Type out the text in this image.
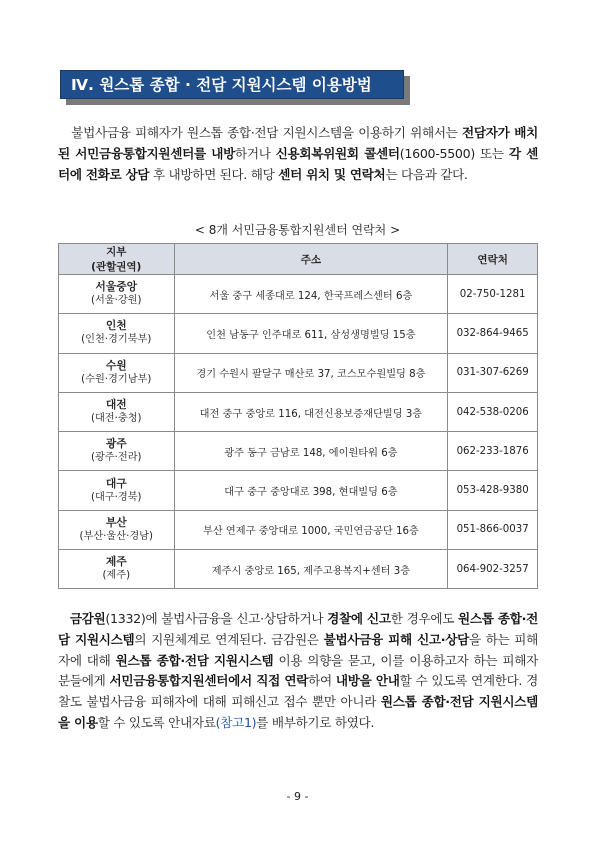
Ⅳ. 원스톱 종합 · 전담 지원시스템 이용방법

불법사금융 피해자가 원스톱 종합·전담 지원시스템을 이용하기 위해서는 전담자가 배치된 서민금융통합지원센터를 내방하거나 신용회복위원회 콜센터(1600-5500) 또는 각 센터에 전화로 상담 후 내방하면 된다. 해당 센터 위치 및 연락처는 다음과 같다.

< 8개 서민금융통합지원센터 연락처 >
지부
(관할권역)	주소	연락처

서울중앙
(서울·강원)	서울 중구 세종대로 124, 한국프레스센터 6층	02-750-1281

인천
(인천·경기북부)	인천 남동구 인주대로 611, 삼성생명빌딩 15층	032-864-9465

수원
(수원·경기남부)	경기 수원시 팔달구 매산로 37, 코스모수원빌딩 8층	031-307-6269

대전
(대전·충청)	대전 중구 중앙로 116, 대전신용보증재단빌딩 3층	042-538-0206

광주
(광주·전라)	광주 동구 금남로 148, 에이원타워 6층	062-233-1876

대구
(대구·경북)	대구 중구 중앙대로 398, 현대빌딩 6층	053-428-9380

부산
(부산·울산·경남)	부산 연제구 중앙대로 1000, 국민연금공단 16층	051-866-0037

제주
(제주)	제주시 중앙로 165, 제주고용복지+센터 3층	064-902-3257

금감원(1332)에 불법사금융을 신고·상담하거나 경찰에 신고한 경우에도 원스톱 종합·전담 지원시스템의 지원체계로 연계된다. 금감원은 불법사금융 피해 신고·상담을 하는 피해자에 대해 원스톱 종합·전담 지원시스템 이용 의향을 묻고, 이를 이용하고자 하는 피해자 분들에게 서민금융통합지원센터에서 직접 연락하여 내방을 안내할 수 있도록 연계한다. 경찰도 불법사금융 피해자에 대해 피해신고 접수 뿐만 아니라 원스톱 종합·전담 지원시스템을 이용할 수 있도록 안내자료(참고1)를 배부하기로 하였다.

- 9 -
